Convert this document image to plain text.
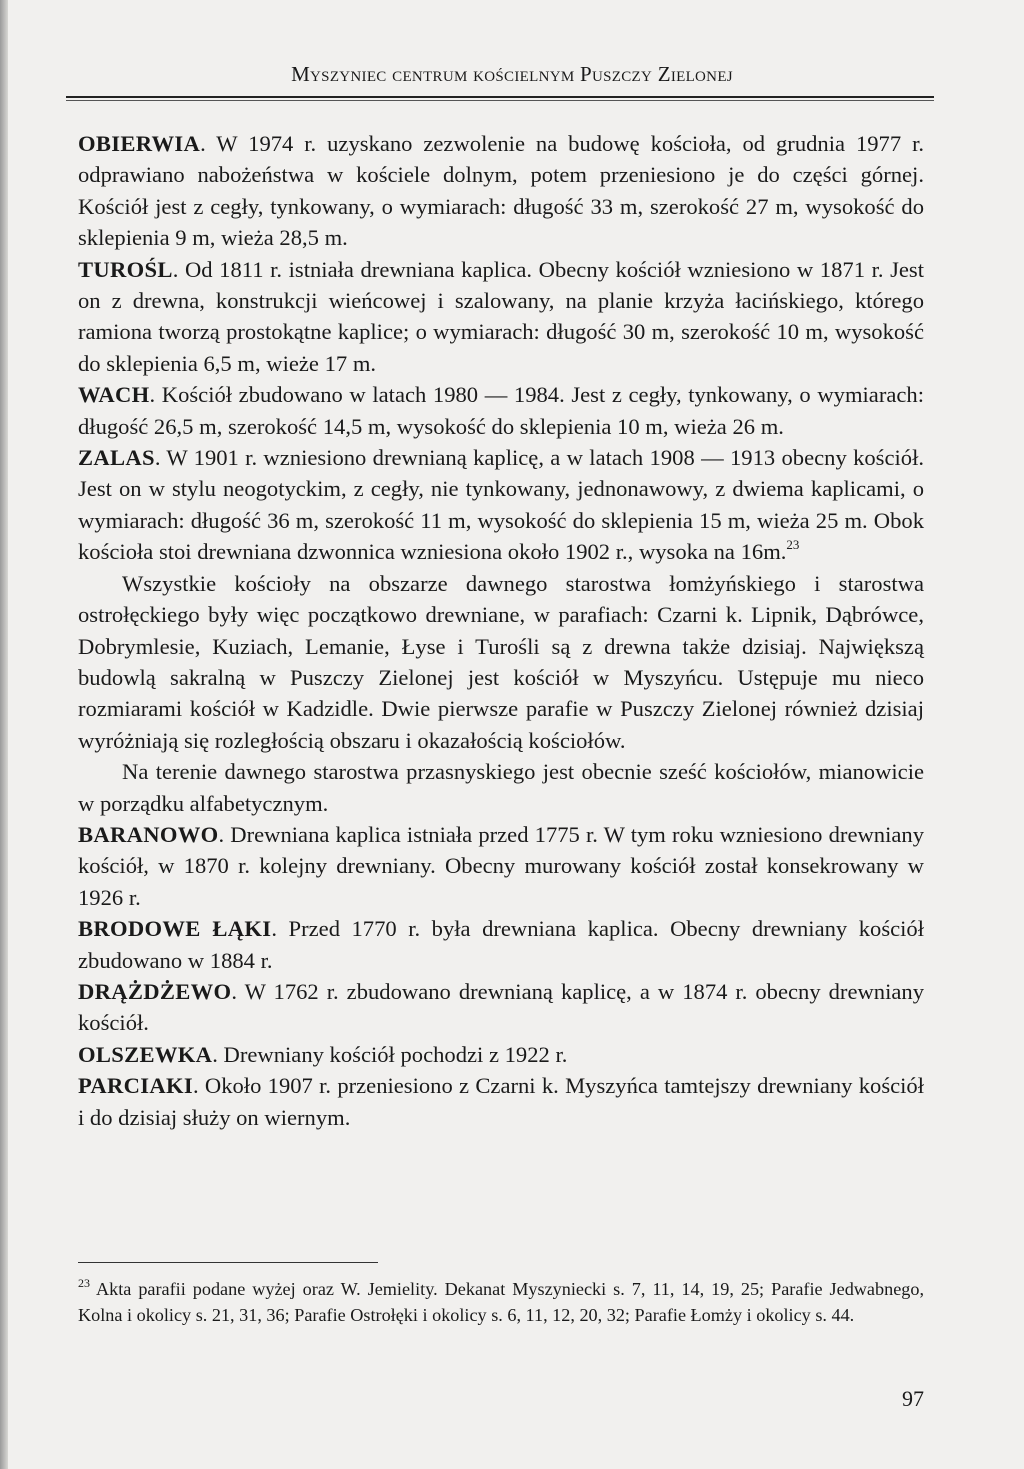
Myszyniec centrum kościelnym Puszczy Zielonej

OBIERWIA. W 1974 r. uzyskano zezwolenie na budowę kościoła, od grudnia 1977 r. odprawiano nabożeństwa w kościele dolnym, potem przeniesiono je do części górnej. Kościół jest z cegły, tynkowany, o wymiarach: długość 33 m, szerokość 27 m, wysokość do sklepienia 9 m, wieża 28,5 m.

TUROŚL. Od 1811 r. istniała drewniana kaplica. Obecny kościół wzniesiono w 1871 r. Jest on z drewna, konstrukcji wieńcowej i szalowany, na planie krzyża łacińskiego, którego ramiona tworzą prostokątne kaplice; o wymiarach: długość 30 m, szerokość 10 m, wysokość do sklepienia 6,5 m, wieże 17 m.

WACH. Kościół zbudowano w latach 1980 — 1984. Jest z cegły, tynkowany, o wymiarach: długość 26,5 m, szerokość 14,5 m, wysokość do sklepienia 10 m, wieża 26 m.

ZALAS. W 1901 r. wzniesiono drewnianą kaplicę, a w latach 1908 — 1913 obecny kościół. Jest on w stylu neogotyckim, z cegły, nie tynkowany, jednonawowy, z dwiema kaplicami, o wymiarach: długość 36 m, szerokość 11 m, wysokość do sklepienia 15 m, wieża 25 m. Obok kościoła stoi drewniana dzwonnica wzniesiona około 1902 r., wysoka na 16m.$^{23}$

Wszystkie kościoły na obszarze dawnego starostwa łomżyńskiego i starostwa ostrołęckiego były więc początkowo drewniane, w parafiach: Czarni k. Lipnik, Dąbrówce, Dobrymlesie, Kuziach, Lemanie, Łyse i Turośli są z drewna także dzisiaj. Największą budowlą sakralną w Puszczy Zielonej jest kościół w Myszyńcu. Ustępuje mu nieco rozmiarami kościół w Kadzidle. Dwie pierwsze parafie w Puszczy Zielonej również dzisiaj wyróżniają się rozległością obszaru i okazałością kościołów.

Na terenie dawnego starostwa przasnyskiego jest obecnie sześć kościołów, mianowicie w porządku alfabetycznym.

BARANOWO. Drewniana kaplica istniała przed 1775 r. W tym roku wzniesiono drewniany kościół, w 1870 r. kolejny drewniany. Obecny murowany kościół został konsekrowany w 1926 r.

BRODOWE ŁĄKI. Przed 1770 r. była drewniana kaplica. Obecny drewniany kościół zbudowano w 1884 r.

DRĄŻDŻEWO. W 1762 r. zbudowano drewnianą kaplicę, a w 1874 r. obecny drewniany kościół.

OLSZEWKA. Drewniany kościół pochodzi z 1922 r.

PARCIAKI. Około 1907 r. przeniesiono z Czarni k. Myszyńca tamtejszy drewniany kościół i do dzisiaj służy on wiernym.

$^{23}$ Akta parafii podane wyżej oraz W. Jemielity. Dekanat Myszyniecki s. 7, 11, 14, 19, 25; Parafie Jedwabnego, Kolna i okolicy s. 21, 31, 36; Parafie Ostrołęki i okolicy s. 6, 11, 12, 20, 32; Parafie Łomży i okolicy s. 44.
97
